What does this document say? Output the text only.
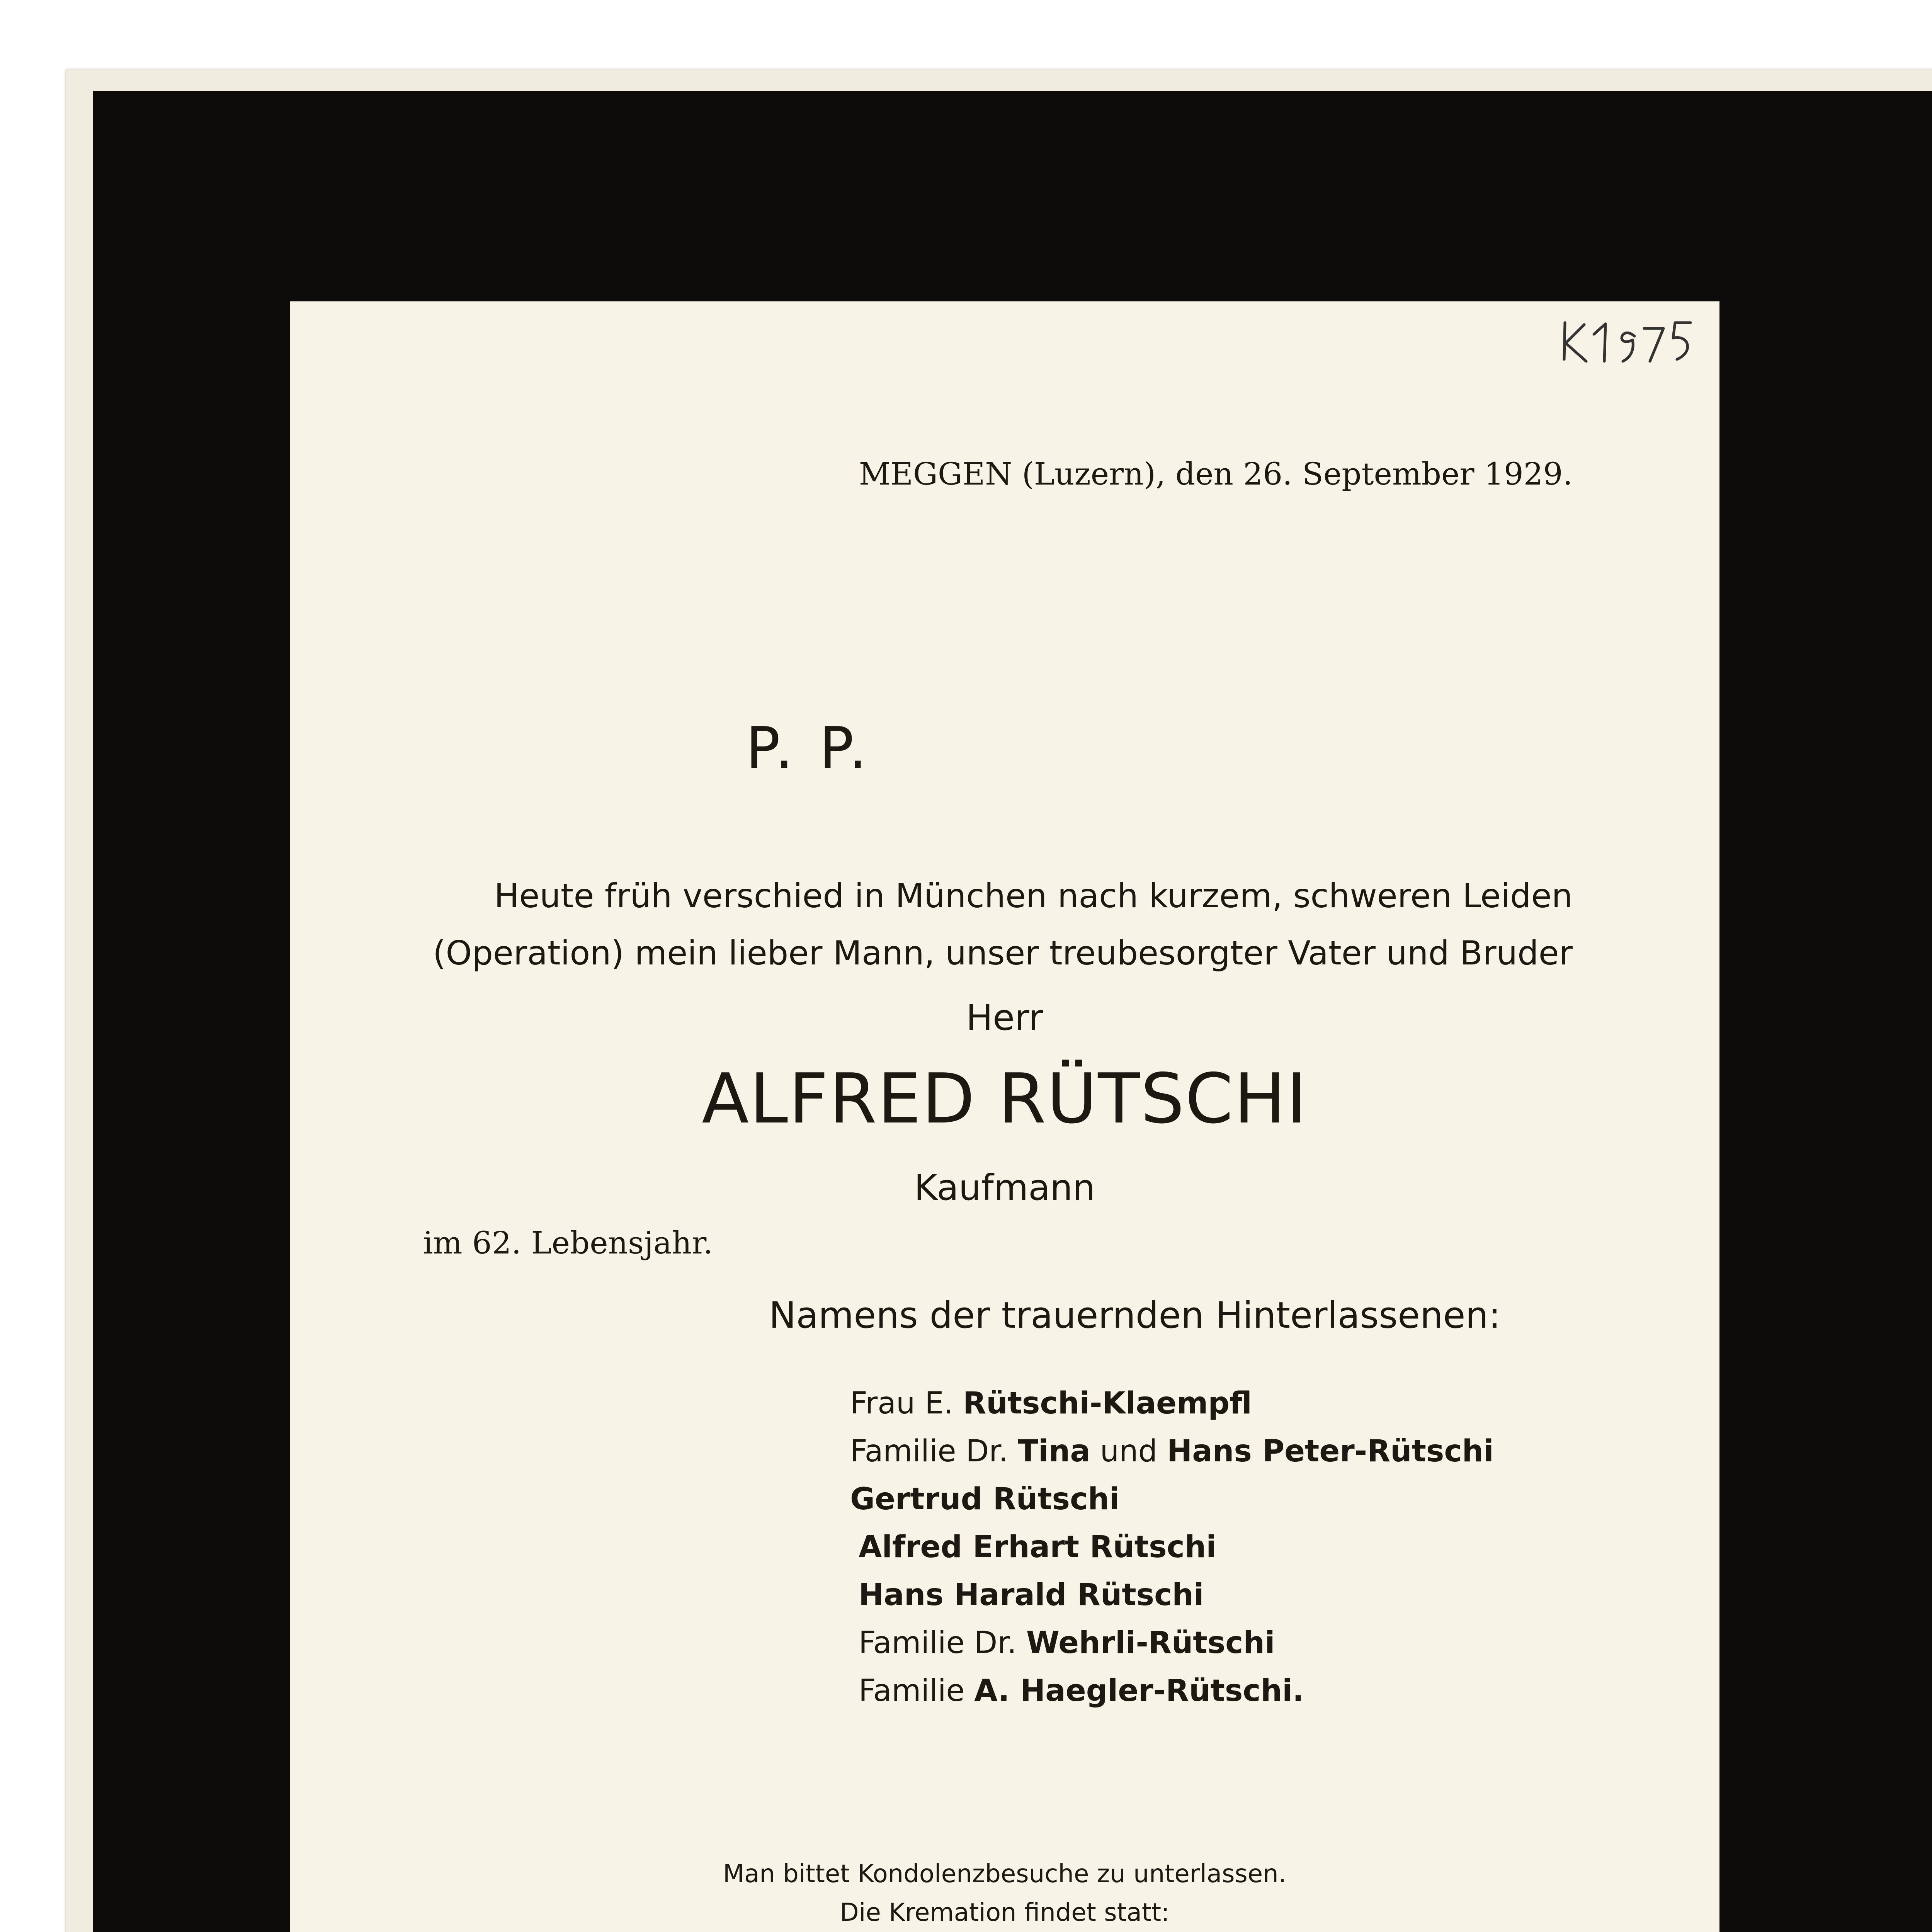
MEGGEN (Luzern), den 26. September 1929.
P. P.
Heute früh verschied in München nach kurzem, schweren Leiden
(Operation) mein lieber Mann, unser treubesorgter Vater und Bruder
Herr
ALFRED RÜTSCHI
Kaufmann
im 62. Lebensjahr.
Namens der trauernden Hinterlassenen:
Frau E. Rütschi-Klaempfl
Familie Dr. Tina und Hans Peter-Rütschi
Gertrud Rütschi
Alfred Erhart Rütschi
Hans Harald Rütschi
Familie Dr. Wehrli-Rütschi
Familie A. Haegler-Rütschi.
Man bittet Kondolenzbesuche zu unterlassen.
Die Kremation findet statt:
